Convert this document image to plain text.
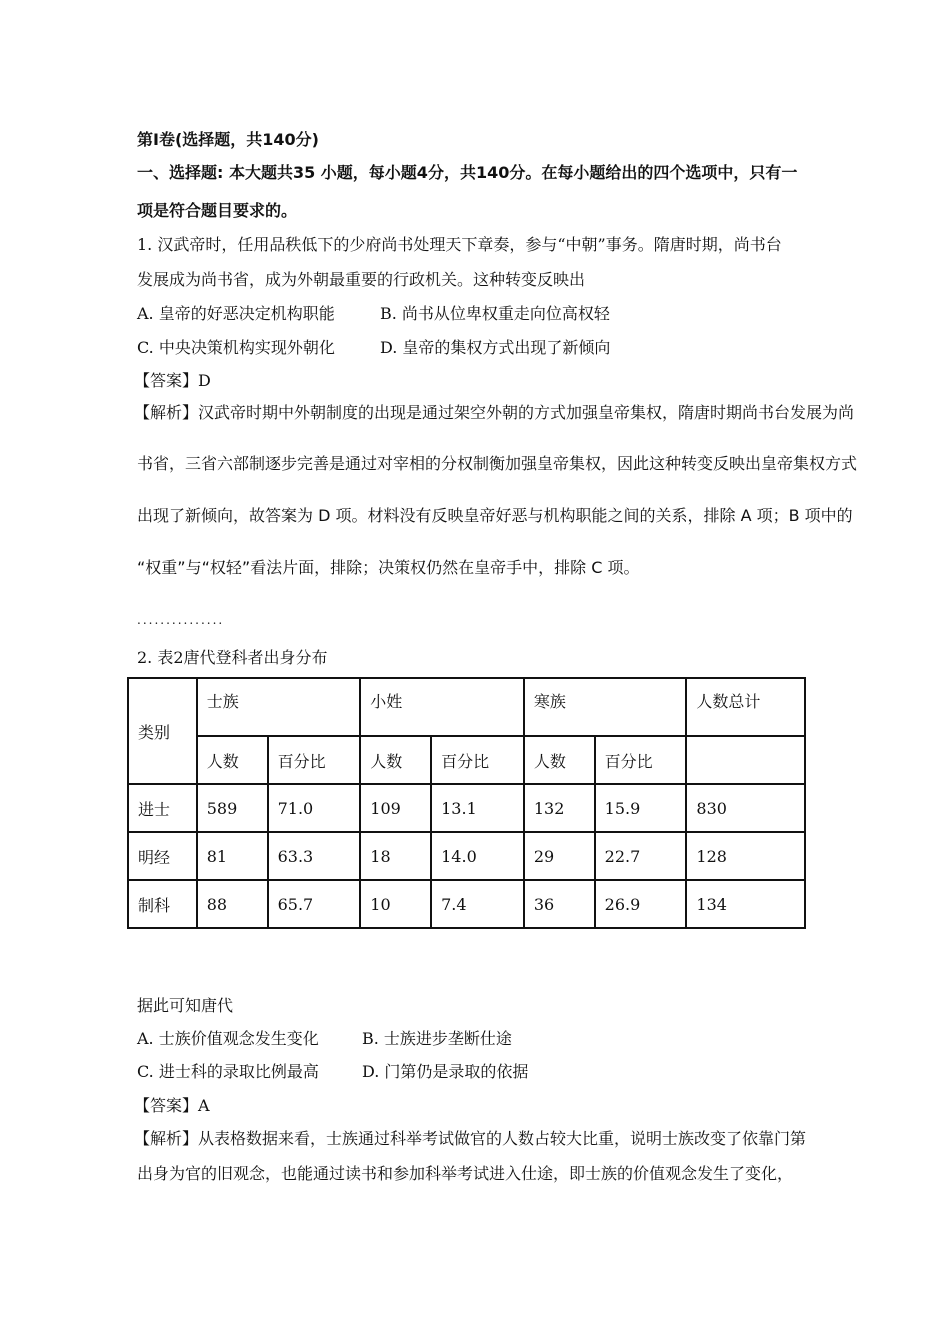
第Ⅰ卷(选择题，共140分)
一、选择题: 本大题共35 小题，每小题4分，共140分。在每小题给出的四个选项中，只有一
项是符合题目要求的。
1. 汉武帝时，任用品秩低下的少府尚书处理天下章奏，参与“中朝”事务。隋唐时期，尚书台
发展成为尚书省，成为外朝最重要的行政机关。这种转变反映出
A. 皇帝的好恶决定机构职能	B. 尚书从位卑权重走向位高权轻
C. 中央决策机构实现外朝化	D. 皇帝的集权方式出现了新倾向
【答案】D
【解析】汉武帝时期中外朝制度的出现是通过架空外朝的方式加强皇帝集权，隋唐时期尚书台发展为尚
书省，三省六部制逐步完善是通过对宰相的分权制衡加强皇帝集权，因此这种转变反映出皇帝集权方式
出现了新倾向，故答案为 D 项。材料没有反映皇帝好恶与机构职能之间的关系，排除 A 项；B 项中的
“权重”与“权轻”看法片面，排除；决策权仍然在皇帝手中，排除 C 项。
...............
2. 表2唐代登科者出身分布
类别	士族		小姓		寒族		人数总计
	人数	百分比	人数	百分比	人数	百分比	
进士	589	71.0	109	13.1	132	15.9	830
明经	81	63.3	18	14.0	29	22.7	128
制科	88	65.7	10	7.4	36	26.9	134
据此可知唐代
A. 士族价值观念发生变化	B. 士族进步垄断仕途
C. 进士科的录取比例最高	D. 门第仍是录取的依据
【答案】A
【解析】从表格数据来看，士族通过科举考试做官的人数占较大比重，说明士族改变了依靠门第
出身为官的旧观念，也能通过读书和参加科举考试进入仕途，即士族的价值观念发生了变化，
